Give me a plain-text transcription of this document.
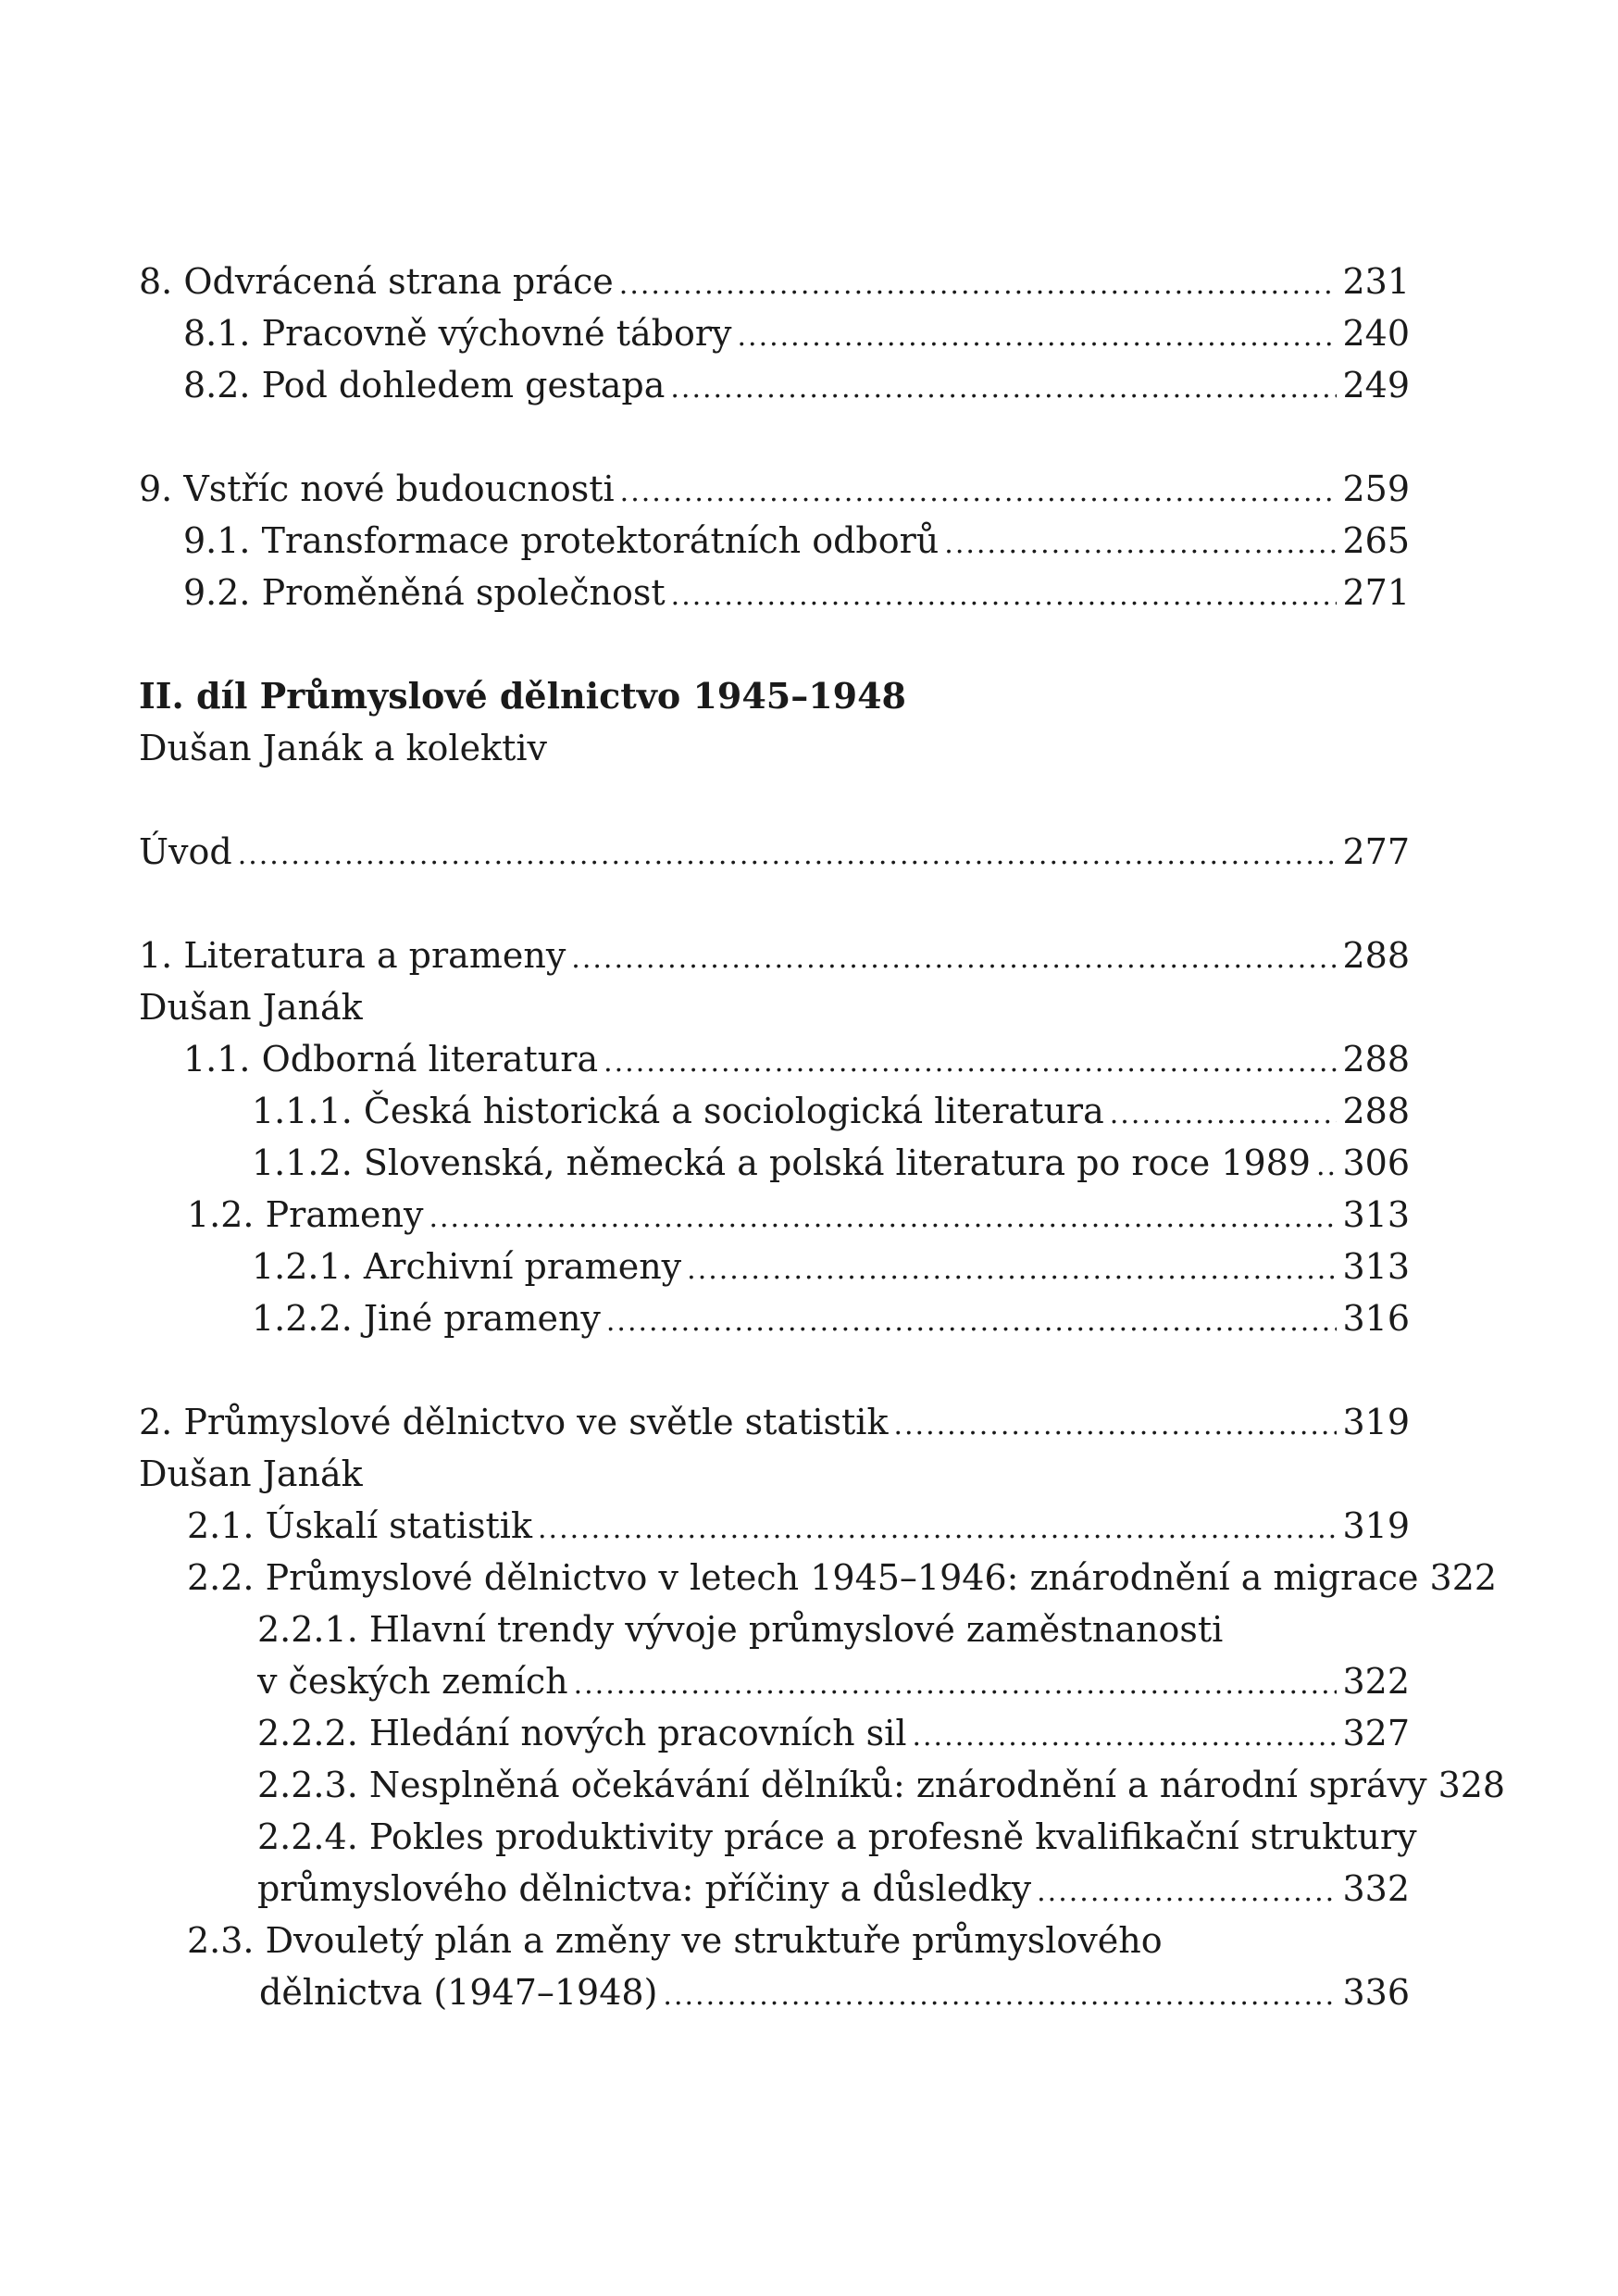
8. Odvrácená strana práce .....	231
8.1. Pracovně výchovné tábory .....	240
8.2. Pod dohledem gestapa .....	249
9. Vstříc nové budoucnosti .....	259
9.1. Transformace protektorátních odborů .....	265
9.2. Proměněná společnost .....	271
II. díl Průmyslové dělnictvo 1945–1948
Dušan Janák a kolektiv
Úvod .....	277
1. Literatura a prameny .....	288
Dušan Janák
1.1. Odborná literatura .....	288
1.1.1. Česká historická a sociologická literatura .....	288
1.1.2. Slovenská, německá a polská literatura po roce 1989 ..... 306
1.2. Prameny .....	313
1.2.1. Archivní prameny .....	313
1.2.2. Jiné prameny .....	316
2. Průmyslové dělnictvo ve světle statistik .....	319
Dušan Janák
2.1. Úskalí statistik .....	319
2.2. Průmyslové dělnictvo v letech 1945–1946: znárodnění a migrace 322
2.2.1. Hlavní trendy vývoje průmyslové zaměstnanosti
v českých zemích .....	322
2.2.2. Hledání nových pracovních sil .....	327
2.2.3. Nesplněná očekávání dělníků: znárodnění a národní správy 328
2.2.4. Pokles produktivity práce a profesně kvalifikační struktury
průmyslového dělnictva: příčiny a důsledky .....	332
2.3. Dvouletý plán a změny ve struktuře průmyslového
dělnictva (1947–1948) .....	336
